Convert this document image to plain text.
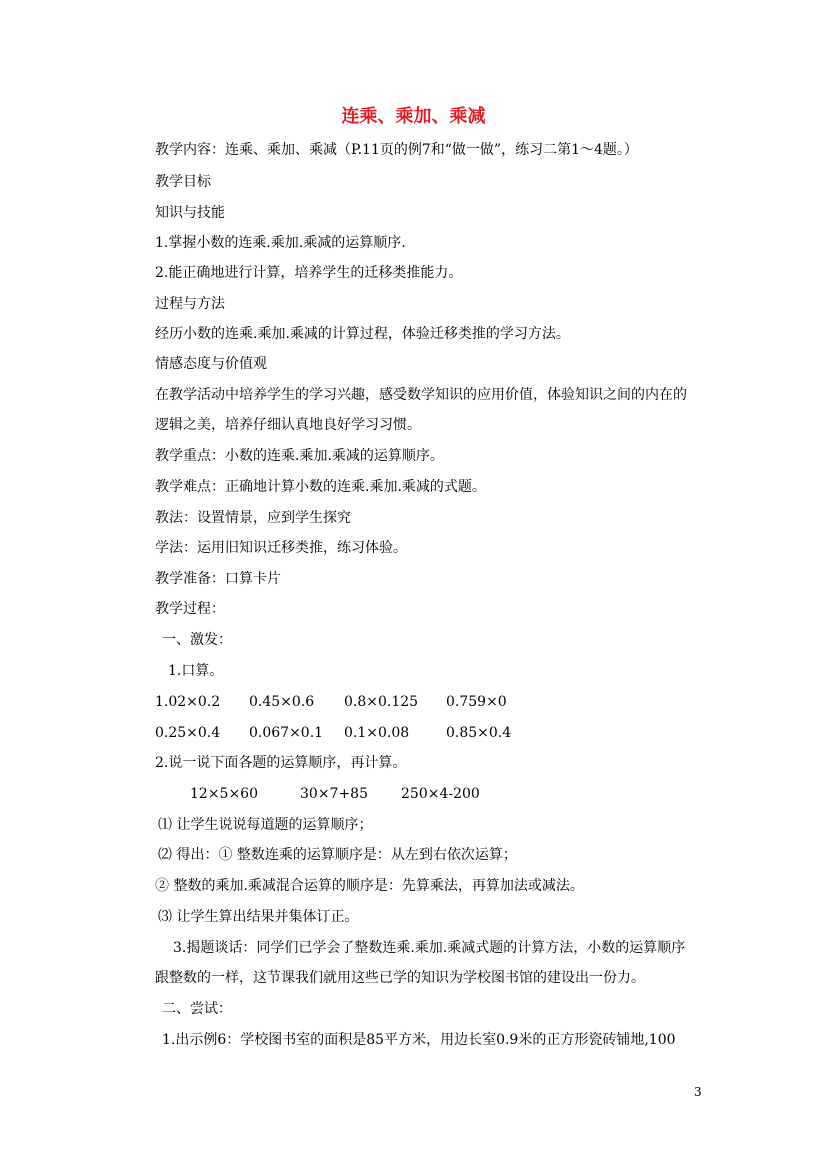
连乘、乘加、乘减
教学内容：连乘、乘加、乘减（P.11页的例7和“做一做”，练习二第1～4题。）
教学目标
知识与技能
1.掌握小数的连乘.乘加.乘减的运算顺序.
2.能正确地进行计算，培养学生的迁移类推能力。
过程与方法
经历小数的连乘.乘加.乘减的计算过程，体验迁移类推的学习方法。
情感态度与价值观
在教学活动中培养学生的学习兴趣，感受数学知识的应用价值，体验知识之间的内在的
逻辑之美，培养仔细认真地良好学习习惯。
教学重点：小数的连乘.乘加.乘减的运算顺序。
教学难点：正确地计算小数的连乘.乘加.乘减的式题。
教法：设置情景，应到学生探究
学法：运用旧知识迁移类推，练习体验。
教学准备：口算卡片
教学过程：
一、激发：
1.口算。
1.02×0.2 0.45×0.6 0.8×0.125 0.759×0
0.25×0.4 0.067×0.1 0.1×0.08	0.85×0.4
2.说一说下面各题的运算顺序，再计算。
12×5×60	30×7+85 250×4-200
⑴ 让学生说说每道题的运算顺序；
⑵ 得出：① 整数连乘的运算顺序是：从左到右依次运算；
② 整数的乘加.乘减混合运算的顺序是：先算乘法，再算加法或减法。
⑶ 让学生算出结果并集体订正。
3.揭题谈话：同学们已学会了整数连乘.乘加.乘减式题的计算方法，小数的运算顺序
跟整数的一样，这节课我们就用这些已学的知识为学校图书馆的建设出一份力。
二、尝试：
1.出示例6：学校图书室的面积是85平方米，用边长室0.9米的正方形瓷砖铺地,100
3
